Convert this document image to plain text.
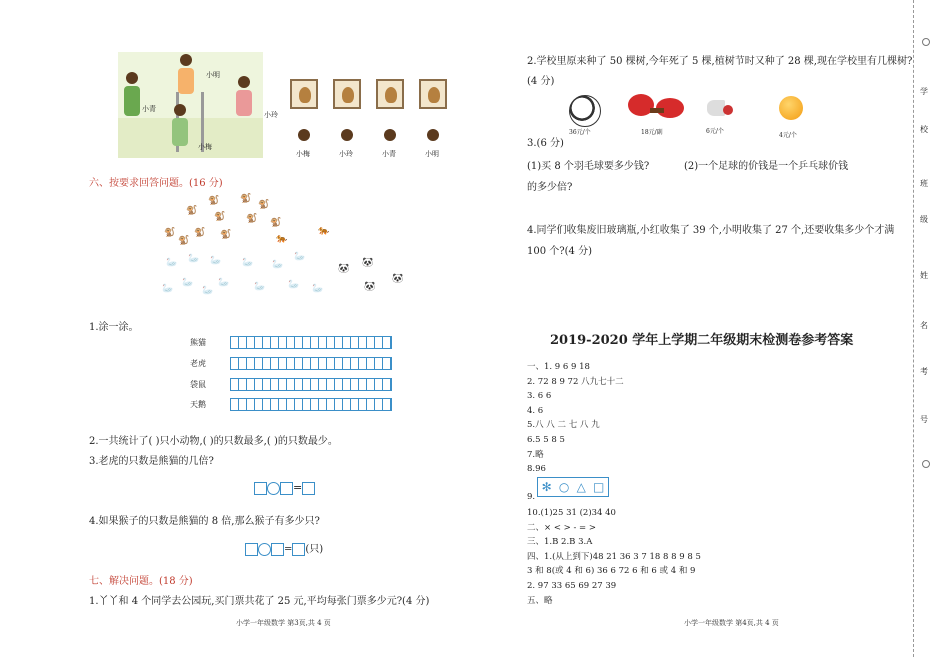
小明
小青
小玲
小梅
小梅	小玲	小青	小明
六、按要求回答问题。(16 分)
🐒 🐒
🐒
🐒
🐒 🐒 🐒
🐒 🐒 🐒
🐒	🐅
🐅
🦢 🦢 🦢 🦢 🦢
🦢
🦢
🦢
🦢
🦢	🦢	🦢 🦢
🐼
🐼
🐼
🐼
1.涂一涂。
熊猫
老虎
袋鼠
天鹅
2.一共统计了( )只小动物,( )的只数最多,( )的只数最少。
3.老虎的只数是熊猫的几倍?
=
4.如果猴子的只数是熊猫的 8 倍,那么猴子有多少只?
= (只)
七、解决问题。(18 分)
1.丫丫和 4 个同学去公园玩,买门票共花了 25 元,平均每张门票多少元?(4 分)
小学一年级数学 第3页,共 4 页
2.学校里原来种了 50 棵树,今年死了 5 棵,植树节时又种了 28 棵,现在学校里有几棵树?
(4 分)
36元/个	18元/副	6元/个
4元/个
3.(6 分)
(1)买 8 个羽毛球要多少钱?	(2)一个足球的价钱是一个乒乓球价钱
的多少倍?
4.同学们收集废旧玻璃瓶,小红收集了 39 个,小明收集了 27 个,还要收集多少个才满
100 个?(4 分)
2019-2020 学年上学期二年级期末检测卷参考答案
一、1. 9 6 9 18
2. 72 8 9 72 八九七十二
3. 6 6
4. 6
5.八 八 二 七 八 九
6.5 5 8 5
7.略
8.96
✻ ○ △ □
9.
10.(1)25 31 (2)34 40
二、× < > - = >
三、1.B 2.B 3.A
四、1.(从上到下)48 21 36 3 7 18 8 8 9 8 5
3 和 8(或 4 和 6) 36 6 72 6 和 6 或 4 和 9
2. 97 33 65 69 27 39
五、略
小学一年级数学 第4页,共 4 页
学
校
班
级
姓
名
考
号
